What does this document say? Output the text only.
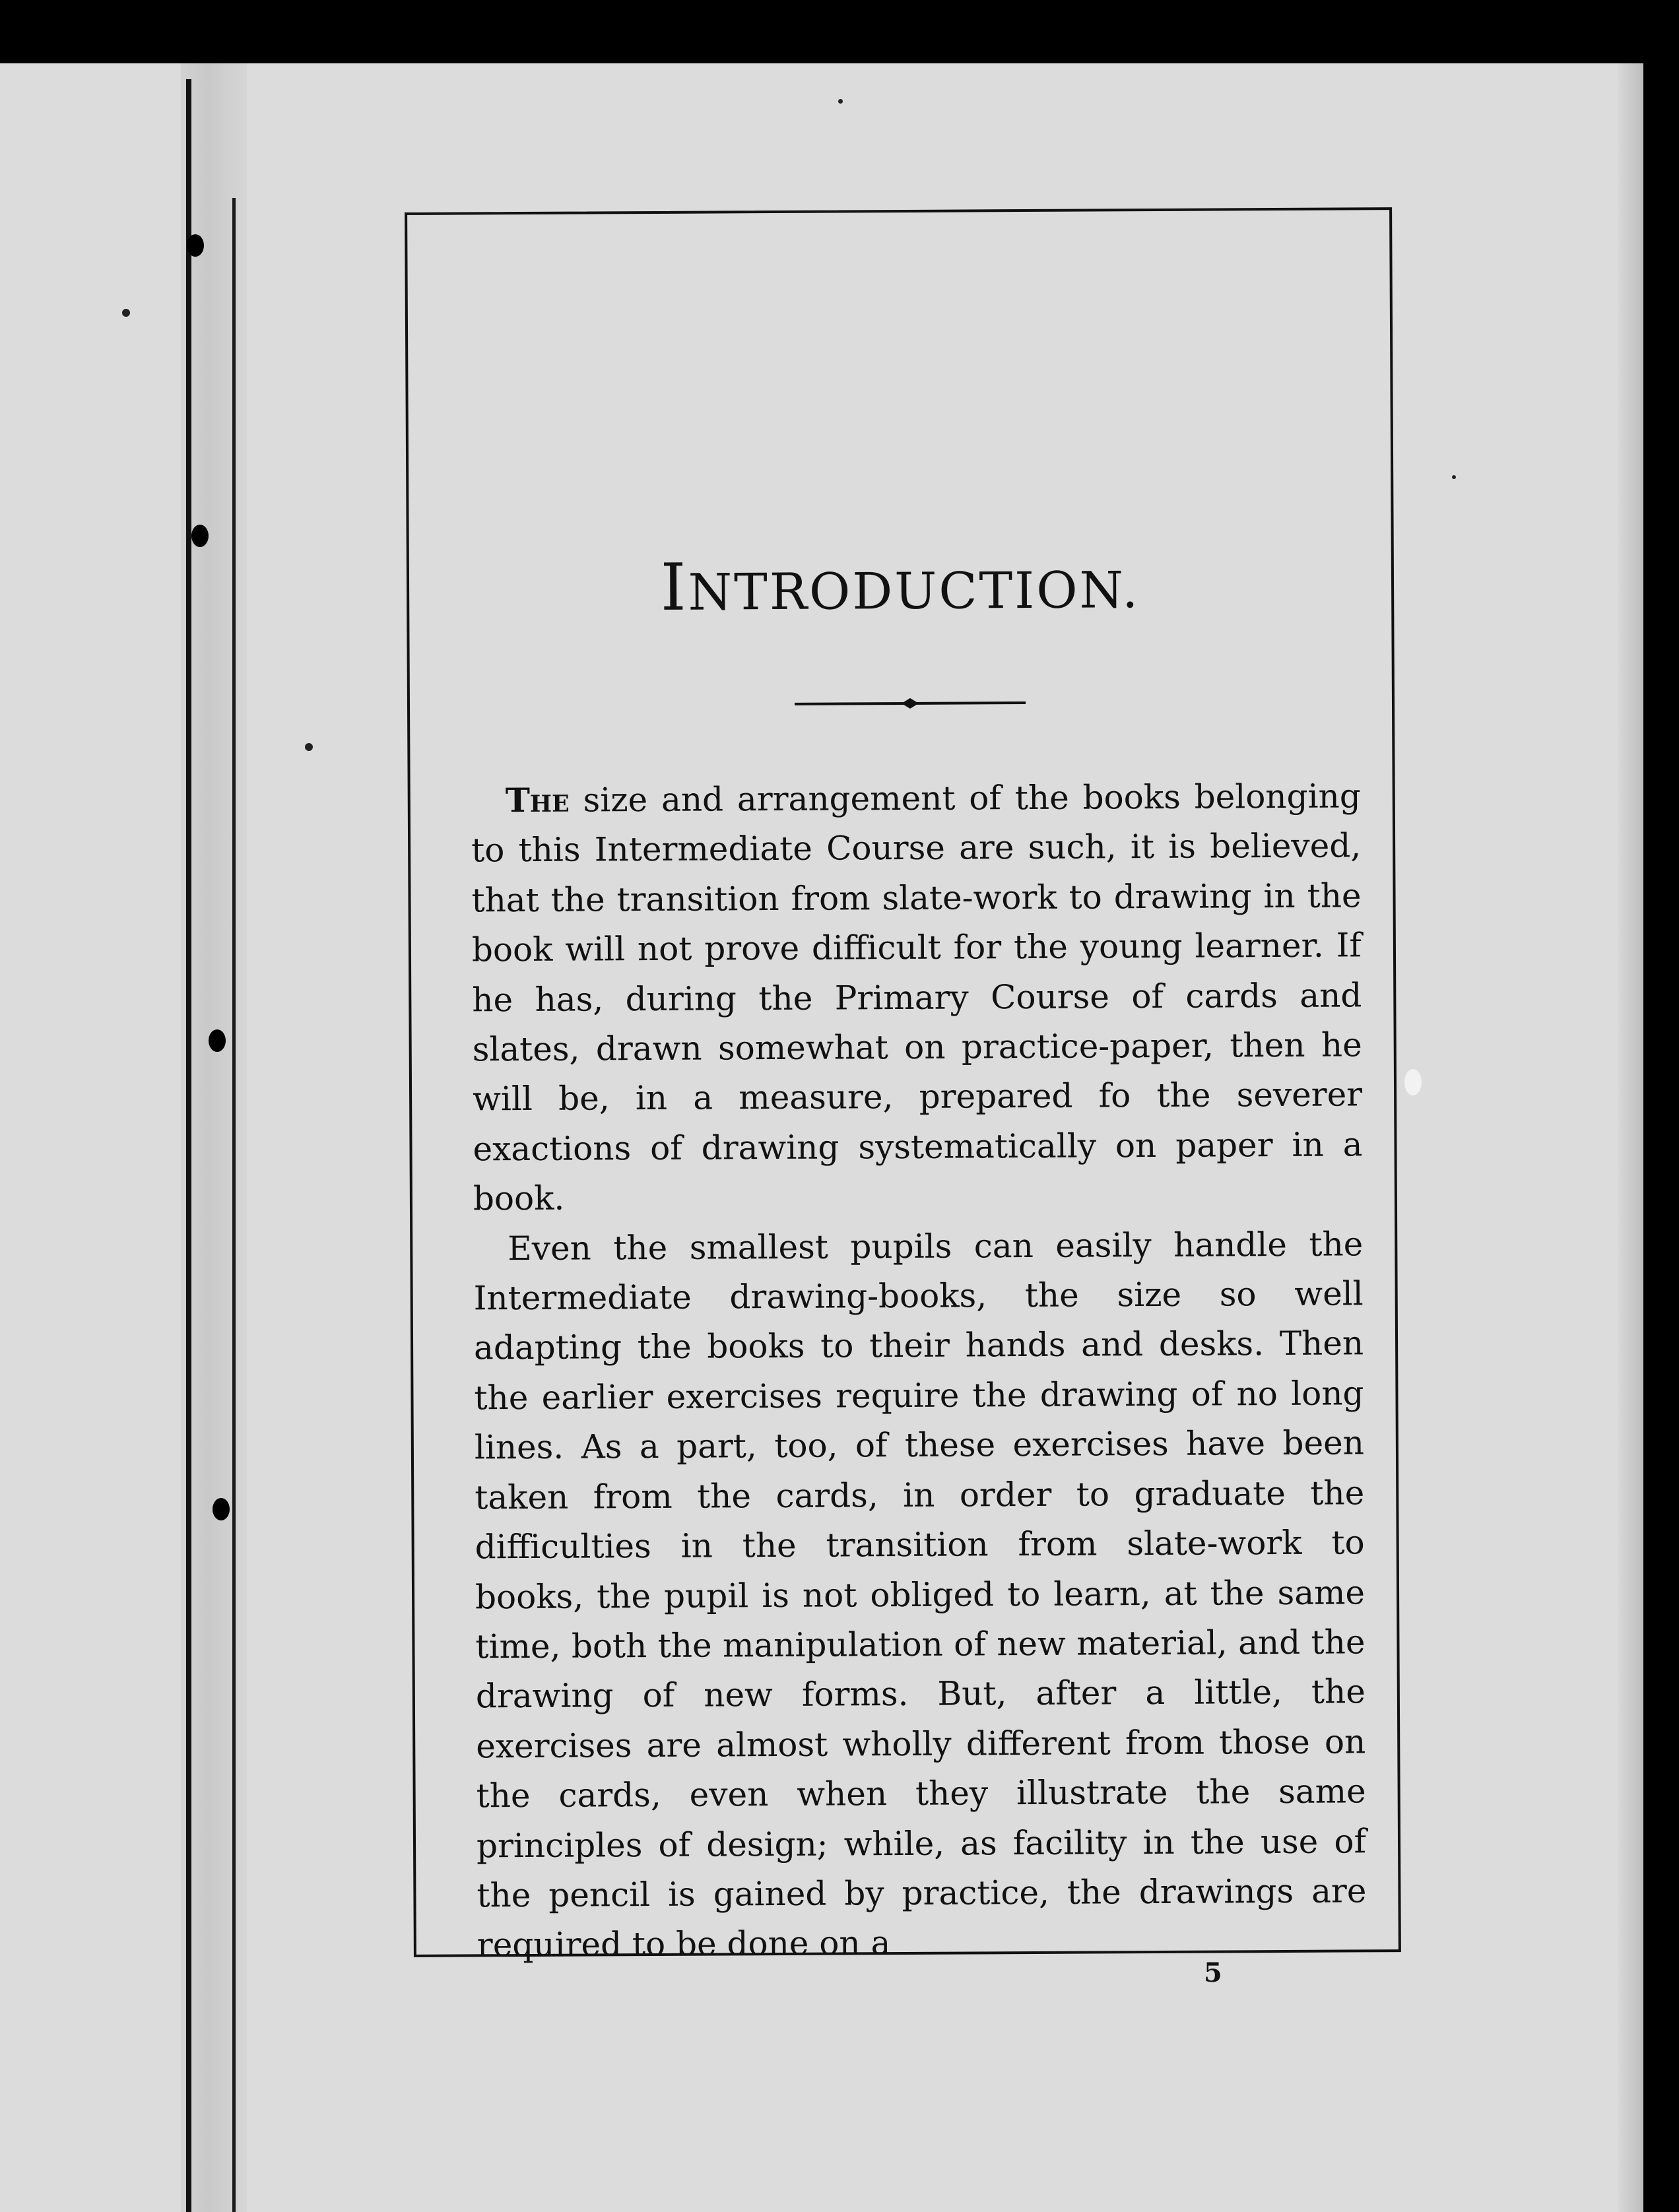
INTRODUCTION.

The size and arrangement of the books belonging to this Intermediate Course are such, it is believed, that the transition from slate-work to drawing in the book will not prove difficult for the young learner. If he has, during the Primary Course of cards and slates, drawn somewhat on practice-paper, then he will be, in a measure, prepared fo the severer exactions of drawing systematically on paper in a book.

Even the smallest pupils can easily handle the Intermediate drawing-books, the size so well adapting the books to their hands and desks. Then the earlier exercises require the drawing of no long lines. As a part, too, of these exercises have been taken from the cards, in order to graduate the difficulties in the transition from slate-work to books, the pupil is not obliged to learn, at the same time, both the manipulation of new material, and the drawing of new forms. But, after a little, the exercises are almost wholly different from those on the cards, even when they illustrate the same principles of design; while, as facility in the use of the pencil is gained by practice, the drawings are required to be done on a

5
